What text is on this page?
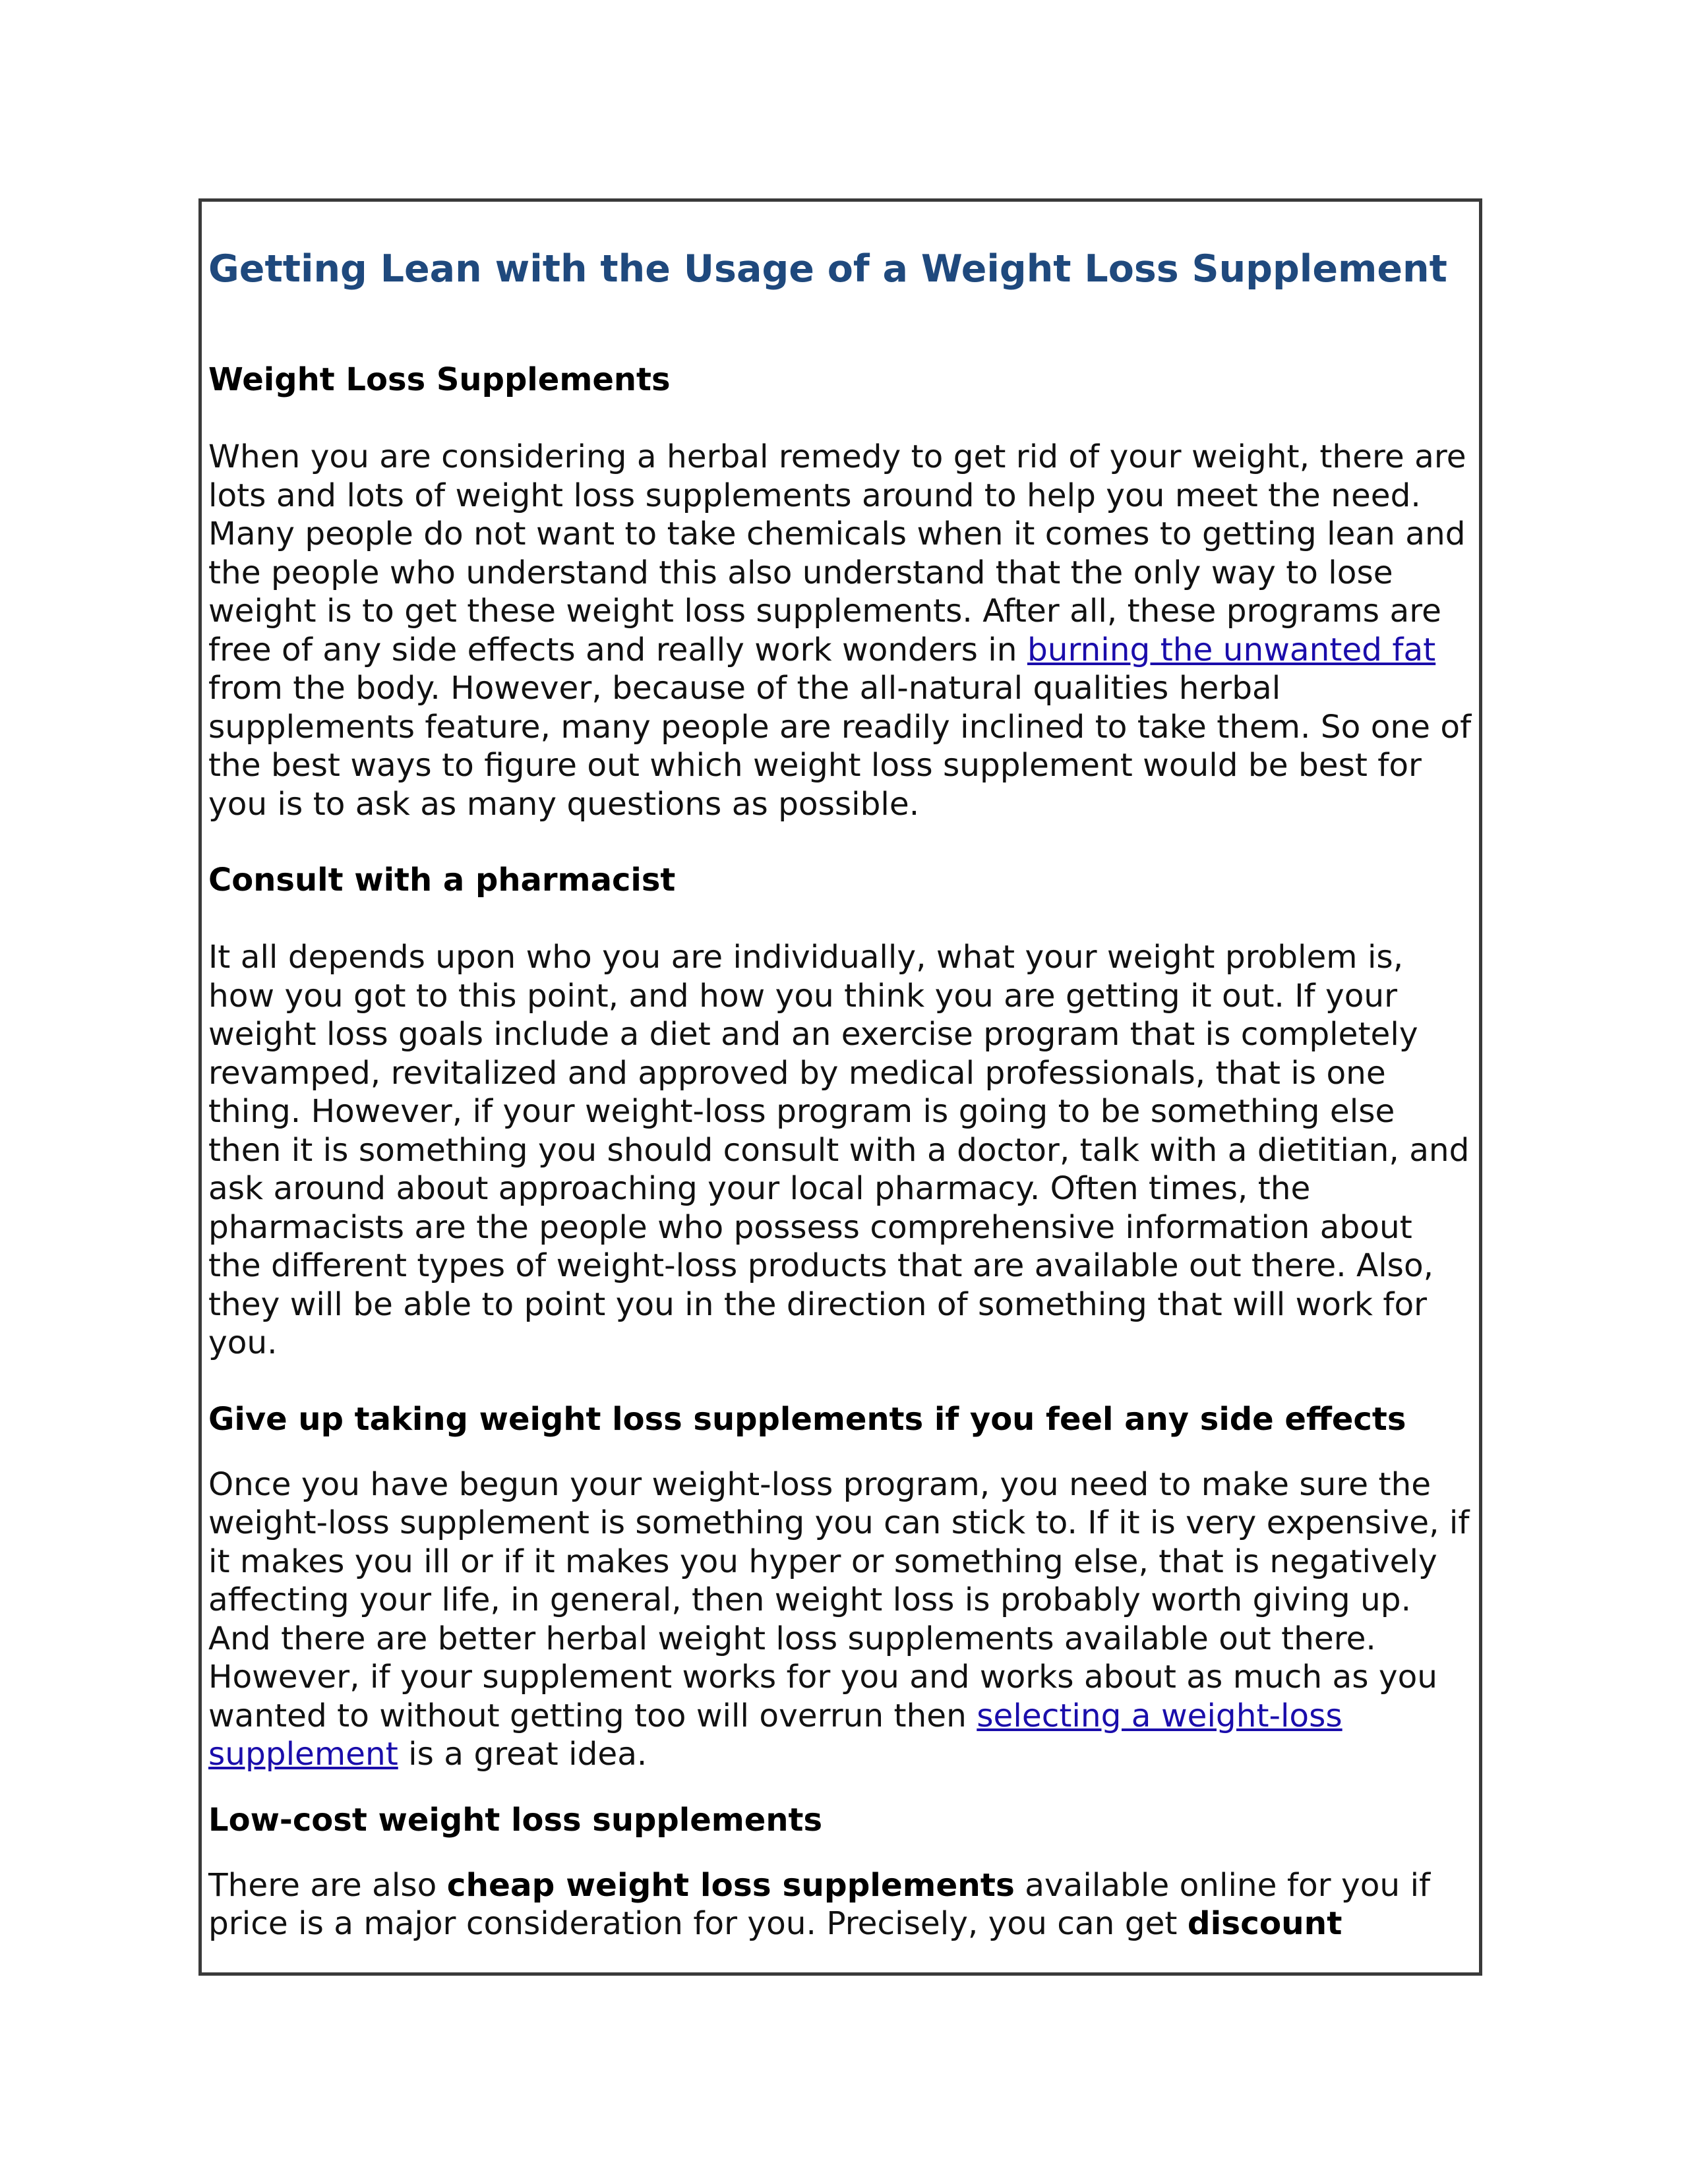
Getting Lean with the Usage of a Weight Loss Supplement
Weight Loss Supplements

When you are considering a herbal remedy to get rid of your weight, there are lots and lots of weight loss supplements around to help you meet the need. Many people do not want to take chemicals when it comes to getting lean and the people who understand this also understand that the only way to lose weight is to get these weight loss supplements. After all, these programs are free of any side effects and really work wonders in burning the unwanted fat from the body. However, because of the all-natural qualities herbal supplements feature, many people are readily inclined to take them. So one of the best ways to figure out which weight loss supplement would be best for you is to ask as many questions as possible.

Consult with a pharmacist

It all depends upon who you are individually, what your weight problem is, how you got to this point, and how you think you are getting it out. If your weight loss goals include a diet and an exercise program that is completely revamped, revitalized and approved by medical professionals, that is one thing. However, if your weight-loss program is going to be something else then it is something you should consult with a doctor, talk with a dietitian, and ask around about approaching your local pharmacy. Often times, the pharmacists are the people who possess comprehensive information about the different types of weight-loss products that are available out there. Also, they will be able to point you in the direction of something that will work for you.

Give up taking weight loss supplements if you feel any side effects

Once you have begun your weight-loss program, you need to make sure the weight-loss supplement is something you can stick to. If it is very expensive, if it makes you ill or if it makes you hyper or something else, that is negatively affecting your life, in general, then weight loss is probably worth giving up. And there are better herbal weight loss supplements available out there. However, if your supplement works for you and works about as much as you wanted to without getting too will overrun then selecting a weight-loss supplement is a great idea.

Low-cost weight loss supplements

There are also cheap weight loss supplements available online for you if price is a major consideration for you. Precisely, you can get discount
